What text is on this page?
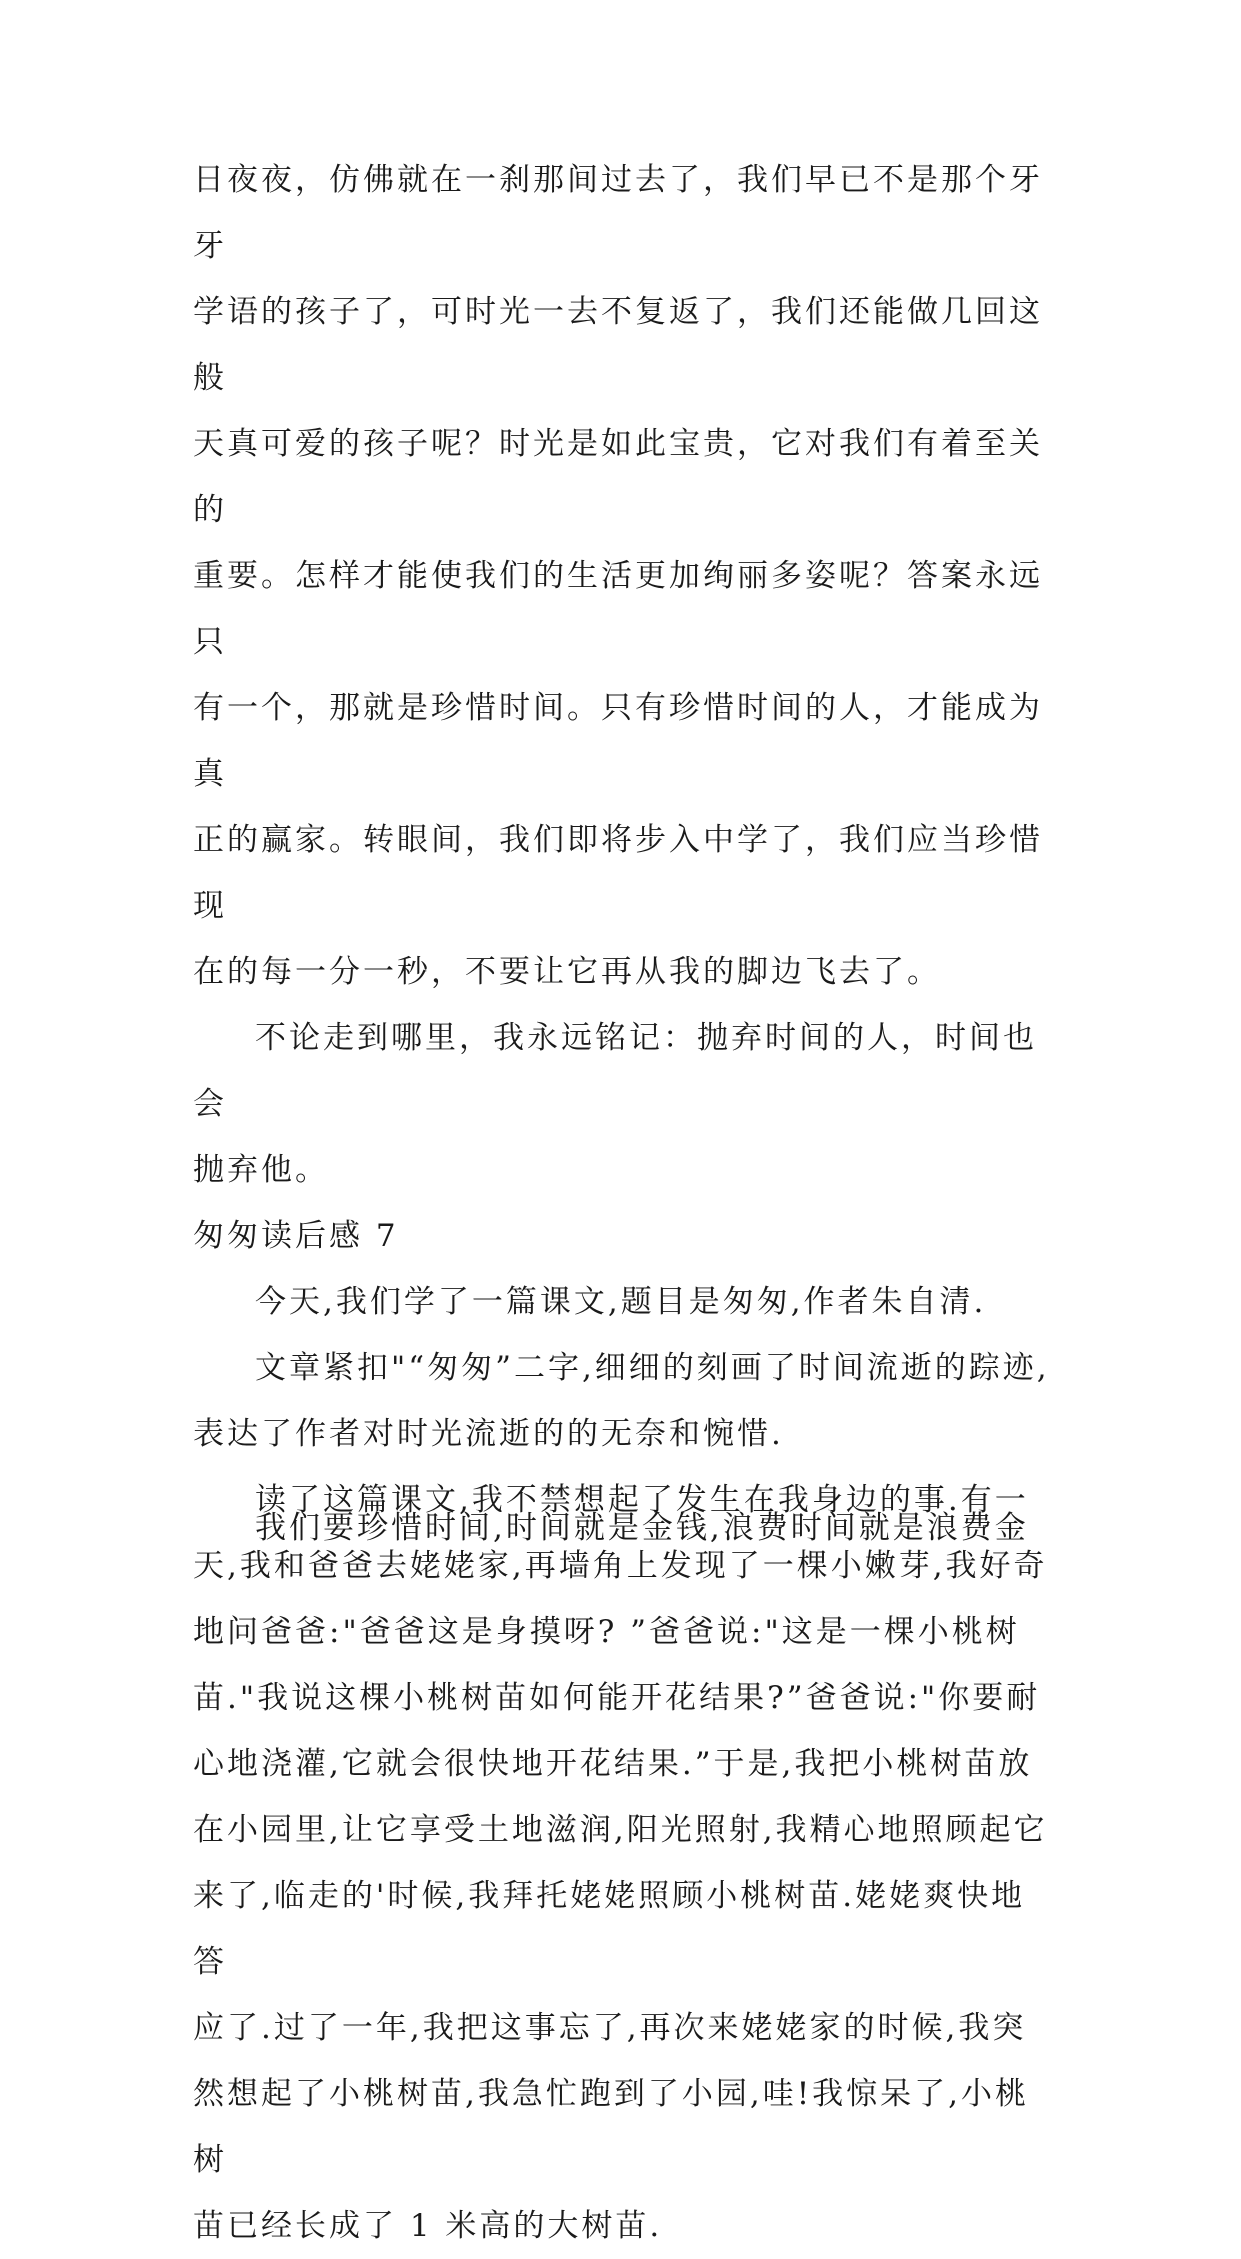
日夜夜，仿佛就在一刹那间过去了，我们早已不是那个牙牙

学语的孩子了，可时光一去不复返了，我们还能做几回这般

天真可爱的孩子呢？时光是如此宝贵，它对我们有着至关的

重要。怎样才能使我们的生活更加绚丽多姿呢？答案永远只

有一个，那就是珍惜时间。只有珍惜时间的人，才能成为真

正的赢家。转眼间，我们即将步入中学了，我们应当珍惜现

在的每一分一秒，不要让它再从我的脚边飞去了。

不论走到哪里，我永远铭记：抛弃时间的人，时间也会

抛弃他。

匆匆读后感 7

今天,我们学了一篇课文,题目是匆匆,作者朱自清.

文章紧扣"“匆匆”二字,细细的刻画了时间流逝的踪迹,

表达了作者对时光流逝的的无奈和惋惜.

读了这篇课文,我不禁想起了发生在我身边的事.有一

天,我和爸爸去姥姥家,再墙角上发现了一棵小嫩芽,我好奇

地问爸爸:"爸爸这是身摸呀? ”爸爸说:"这是一棵小桃树

苗."我说这棵小桃树苗如何能开花结果?”爸爸说:"你要耐

心地浇灌,它就会很快地开花结果.”于是,我把小桃树苗放

在小园里,让它享受土地滋润,阳光照射,我精心地照顾起它

来了,临走的'时候,我拜托姥姥照顾小桃树苗.姥姥爽快地答

应了.过了一年,我把这事忘了,再次来姥姥家的时候,我突

然想起了小桃树苗,我急忙跑到了小园,哇!我惊呆了,小桃树

苗已经长成了 1 米高的大树苗.

我们要珍惜时间,时间就是金钱,浪费时间就是浪费金
